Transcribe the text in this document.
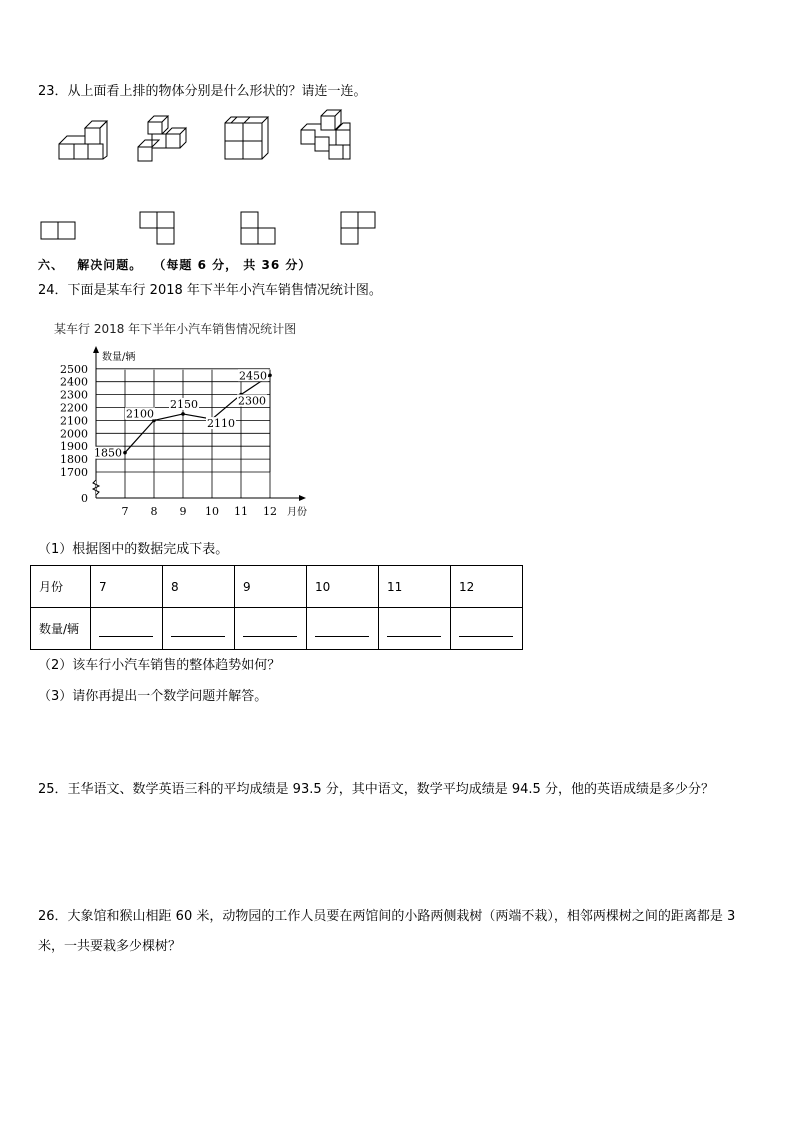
23．从上面看上排的物体分别是什么形状的？请连一连。
六、 解决问题。 （每题 6 分， 共 36 分）
24．下面是某车行 2018 年下半年小汽车销售情况统计图。
某车行 2018 年下半年小汽车销售情况统计图
2500
2400
2300
2200
2100
2000
1900
1800
1700
0
7 8 9 10 11 12
数量/辆
月份
1850
2100
2150
2110
2300
2450
（1）根据图中的数据完成下表。
月份	7	8	9	10	11	12
数量/辆						
（2）该车行小汽车销售的整体趋势如何？
（3）请你再提出一个数学问题并解答。
25．王华语文、数学英语三科的平均成绩是 93.5 分，其中语文，数学平均成绩是 94.5 分，他的英语成绩是多少分？
26．大象馆和猴山相距 60 米，动物园的工作人员要在两馆间的小路两侧栽树（两端不栽），相邻两棵树之间的距离都是 3 米，一共要栽多少棵树？
